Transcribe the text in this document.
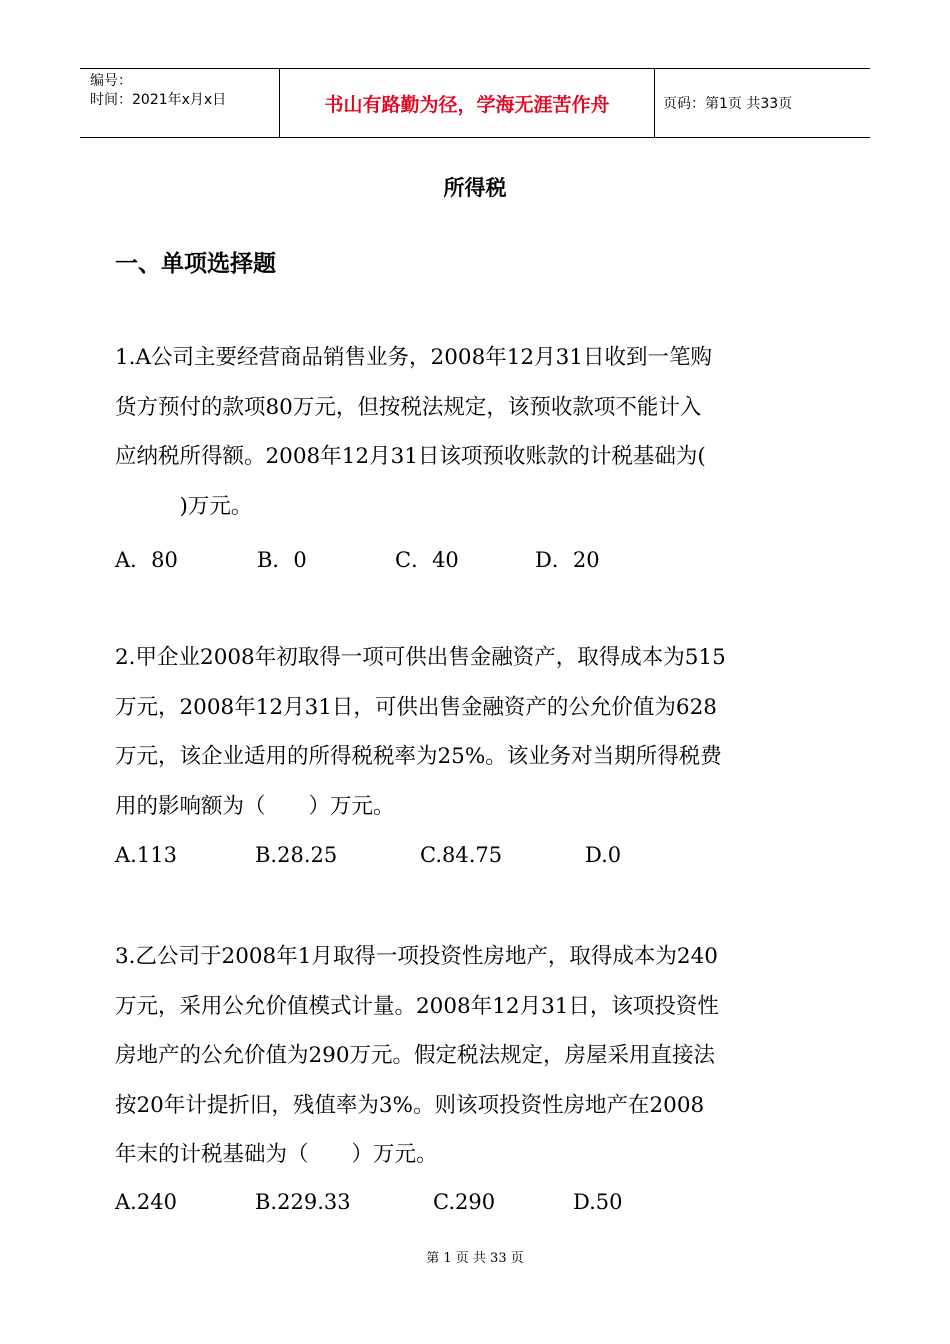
编号：
时间：2021年x月x日	书山有路勤为径，学海无涯苦作舟	页码：第1页 共33页
所得税
一、单项选择题

1.A公司主要经营商品销售业务，2008年12月31日收到一笔购

货方预付的款项80万元，但按税法规定，该预收款项不能计入

应纳税所得额。2008年12月31日该项预收账款的计税基础为(

　　　)万元。

A．80	B．0	C．40	D．20

2.甲企业2008年初取得一项可供出售金融资产，取得成本为515

万元，2008年12月31日，可供出售金融资产的公允价值为628

万元，该企业适用的所得税税率为25%。该业务对当期所得税费

用的影响额为（　　）万元。

A.113	B.28.25	C.84.75	D.0

3.乙公司于2008年1月取得一项投资性房地产，取得成本为240

万元，采用公允价值模式计量。2008年12月31日，该项投资性

房地产的公允价值为290万元。假定税法规定，房屋采用直接法

按20年计提折旧，残值率为3%。则该项投资性房地产在2008

年末的计税基础为（　　）万元。

A.240	B.229.33	C.290	D.50
第 1 页 共 33 页
